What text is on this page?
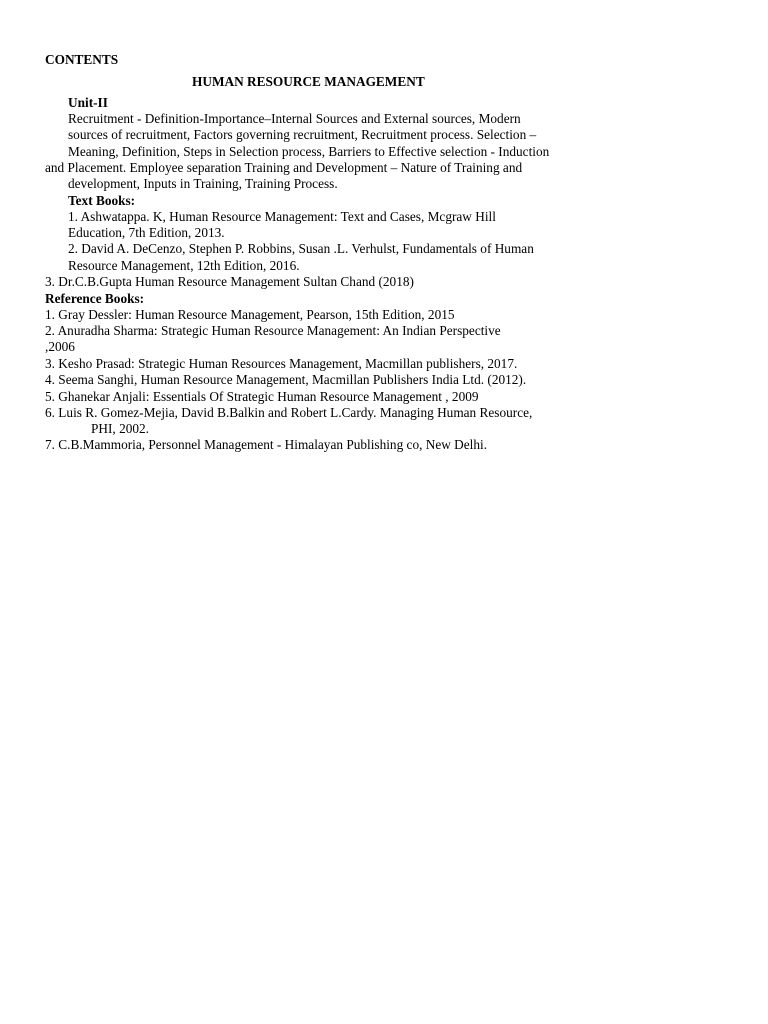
CONTENTS
HUMAN RESOURCE MANAGEMENT
Unit-II
Recruitment - Definition-Importance–Internal Sources and External sources, Modern
sources of recruitment, Factors governing recruitment, Recruitment process. Selection –
Meaning, Definition, Steps in Selection process, Barriers to Effective selection - Induction
and Placement. Employee separation Training and Development – Nature of Training and
development, Inputs in Training, Training Process.
Text Books:
1. Ashwatappa. K, Human Resource Management: Text and Cases, Mcgraw Hill
Education, 7th Edition, 2013.
2. David A. DeCenzo, Stephen P. Robbins, Susan .L. Verhulst, Fundamentals of Human
Resource Management, 12th Edition, 2016.
3. Dr.C.B.Gupta Human Resource Management Sultan Chand (2018)
Reference Books:
1. Gray Dessler: Human Resource Management, Pearson, 15th Edition, 2015
2. Anuradha Sharma: Strategic Human Resource Management: An Indian Perspective
,2006
3. Kesho Prasad: Strategic Human Resources Management, Macmillan publishers, 2017.
4. Seema Sanghi, Human Resource Management, Macmillan Publishers India Ltd. (2012).
5. Ghanekar Anjali: Essentials Of Strategic Human Resource Management , 2009
6. Luis R. Gomez-Mejia, David B.Balkin and Robert L.Cardy. Managing Human Resource,
PHI, 2002.
7. C.B.Mammoria, Personnel Management - Himalayan Publishing co, New Delhi.
